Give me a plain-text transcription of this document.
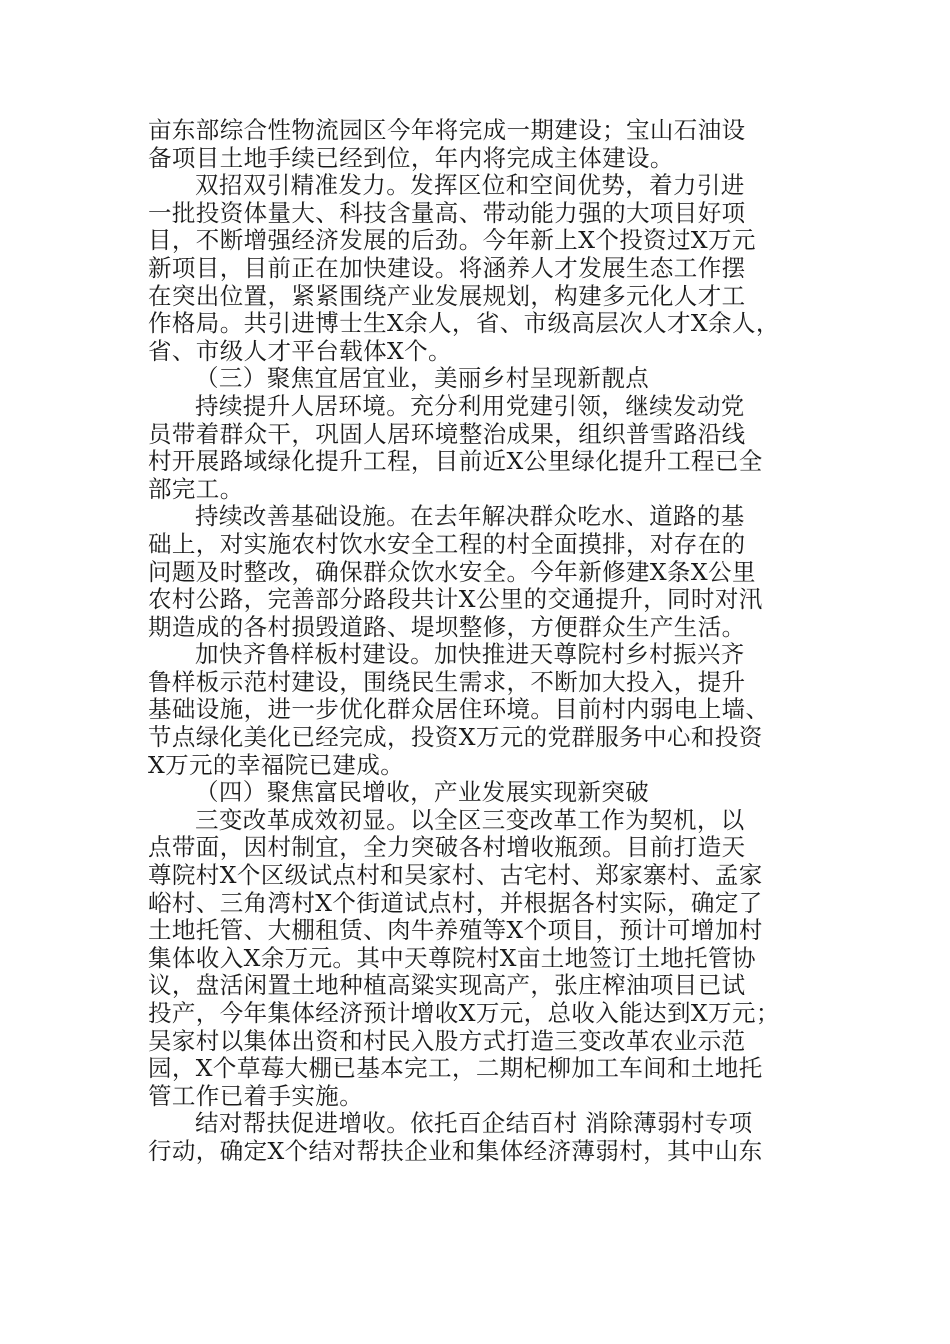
亩东部综合性物流园区今年将完成一期建设；宝山石油设
备项目土地手续已经到位，年内将完成主体建设。
双招双引精准发力。发挥区位和空间优势，着力引进
一批投资体量大、科技含量高、带动能力强的大项目好项
目，不断增强经济发展的后劲。今年新上X个投资过X万元
新项目，目前正在加快建设。将涵养人才发展生态工作摆
在突出位置，紧紧围绕产业发展规划，构建多元化人才工
作格局。共引进博士生X余人，省、市级高层次人才X余人，
省、市级人才平台载体X个。
（三）聚焦宜居宜业，美丽乡村呈现新靓点
持续提升人居环境。充分利用党建引领，继续发动党
员带着群众干，巩固人居环境整治成果，组织普雪路沿线
村开展路域绿化提升工程，目前近X公里绿化提升工程已全
部完工。
持续改善基础设施。在去年解决群众吃水、道路的基
础上，对实施农村饮水安全工程的村全面摸排，对存在的
问题及时整改，确保群众饮水安全。今年新修建X条X公里
农村公路，完善部分路段共计X公里的交通提升，同时对汛
期造成的各村损毁道路、堤坝整修，方便群众生产生活。
加快齐鲁样板村建设。加快推进天尊院村乡村振兴齐
鲁样板示范村建设，围绕民生需求，不断加大投入，提升
基础设施，进一步优化群众居住环境。目前村内弱电上墙、
节点绿化美化已经完成，投资X万元的党群服务中心和投资
X万元的幸福院已建成。
（四）聚焦富民增收，产业发展实现新突破
三变改革成效初显。以全区三变改革工作为契机，以
点带面，因村制宜，全力突破各村增收瓶颈。目前打造天
尊院村X个区级试点村和吴家村、古宅村、郑家寨村、孟家
峪村、三角湾村X个街道试点村，并根据各村实际，确定了
土地托管、大棚租赁、肉牛养殖等X个项目，预计可增加村
集体收入X余万元。其中天尊院村X亩土地签订土地托管协
议，盘活闲置土地种植高粱实现高产，张庄榨油项目已试
投产，今年集体经济预计增收X万元，总收入能达到X万元；
吴家村以集体出资和村民入股方式打造三变改革农业示范
园，X个草莓大棚已基本完工，二期杞柳加工车间和土地托
管工作已着手实施。
结对帮扶促进增收。依托百企结百村 消除薄弱村专项
行动，确定X个结对帮扶企业和集体经济薄弱村，其中山东
